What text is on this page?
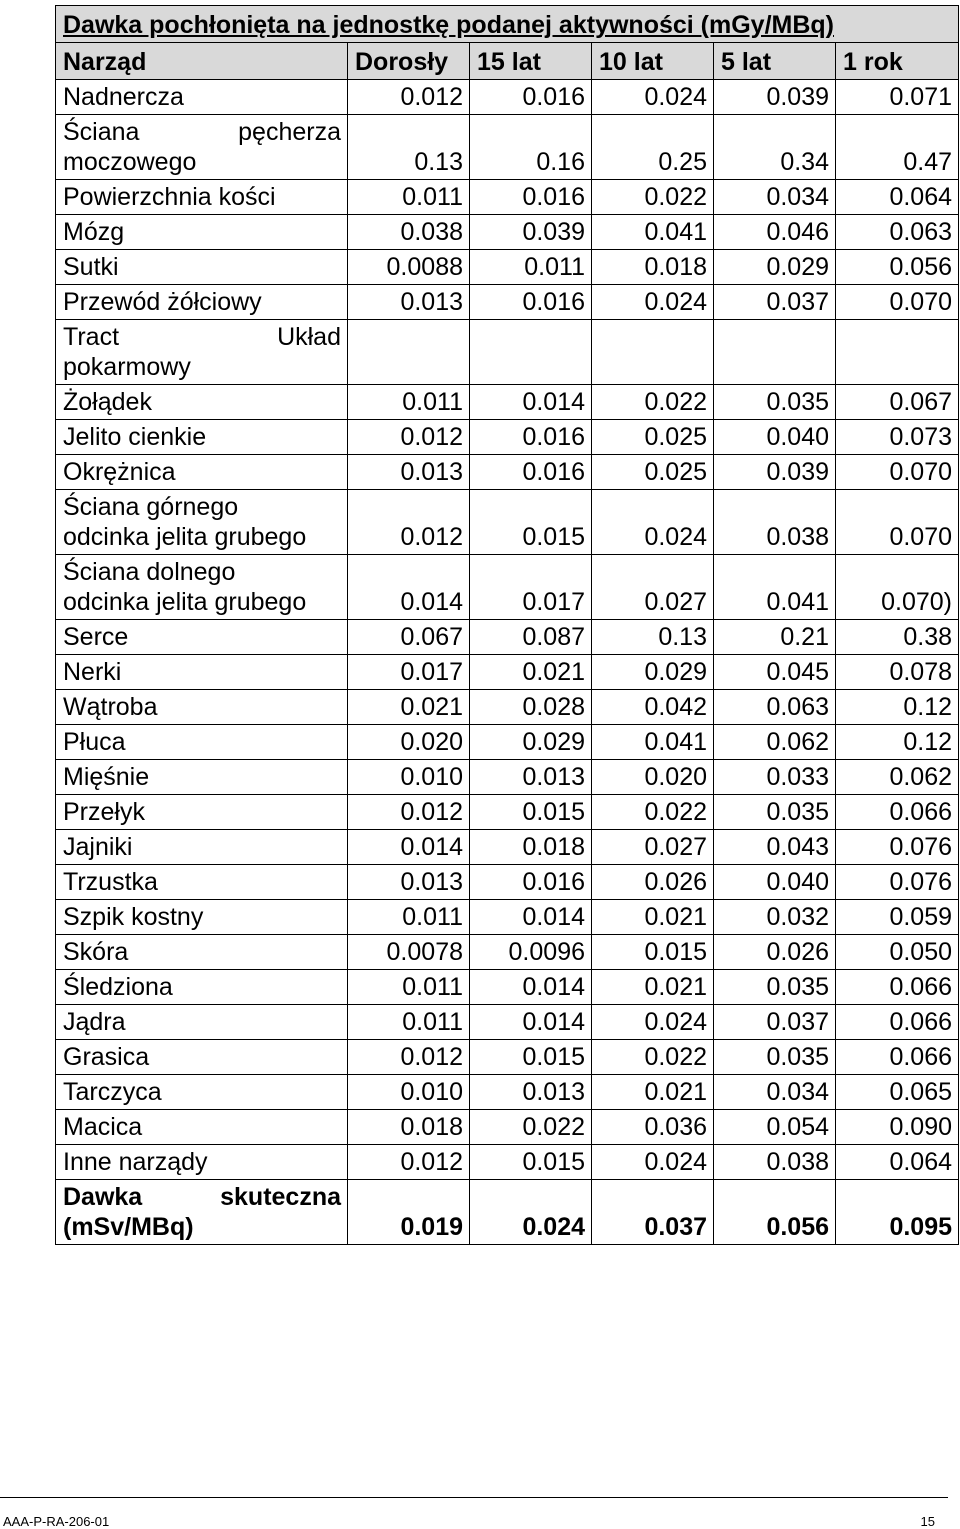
Dawka pochłonięta na jednostkę podanej aktywności (mGy/MBq)					
Narząd	Dorosły	15 lat	10 lat	5 lat	1 rok
Nadnercza	0.012	0.016	0.024	0.039	0.071

Ściana pęcherza
moczowego	0.13	0.16	0.25	0.34	0.47
Powierzchnia kości	0.011	0.016	0.022	0.034	0.064
Mózg	0.038	0.039	0.041	0.046	0.063
Sutki	0.0088	0.011	0.018	0.029	0.056
Przewód żółciowy	0.013	0.016	0.024	0.037	0.070

Tract Układ
pokarmowy					

Żołądek	0.011	0.014	0.022	0.035	0.067
Jelito cienkie	0.012	0.016	0.025	0.040	0.073
Okrężnica	0.013	0.016	0.025	0.039	0.070

Ściana górnego
odcinka jelita grubego	0.012	0.015	0.024	0.038	0.070

Ściana dolnego
odcinka jelita grubego	0.014	0.017	0.027	0.041	0.070)
Serce	0.067	0.087	0.13	0.21	0.38
Nerki	0.017	0.021	0.029	0.045	0.078
Wątroba	0.021	0.028	0.042	0.063	0.12
Płuca	0.020	0.029	0.041	0.062	0.12
Mięśnie	0.010	0.013	0.020	0.033	0.062
Przełyk	0.012	0.015	0.022	0.035	0.066
Jajniki	0.014	0.018	0.027	0.043	0.076
Trzustka	0.013	0.016	0.026	0.040	0.076
Szpik kostny	0.011	0.014	0.021	0.032	0.059
Skóra	0.0078	0.0096	0.015	0.026	0.050
Śledziona	0.011	0.014	0.021	0.035	0.066
Jądra	0.011	0.014	0.024	0.037	0.066
Grasica	0.012	0.015	0.022	0.035	0.066
Tarczyca	0.010	0.013	0.021	0.034	0.065
Macica	0.018	0.022	0.036	0.054	0.090
Inne narządy	0.012	0.015	0.024	0.038	0.064

Dawka skuteczna
(mSv/MBq)	0.019	0.024	0.037	0.056	0.095
AAA-P-RA-206-01	15
